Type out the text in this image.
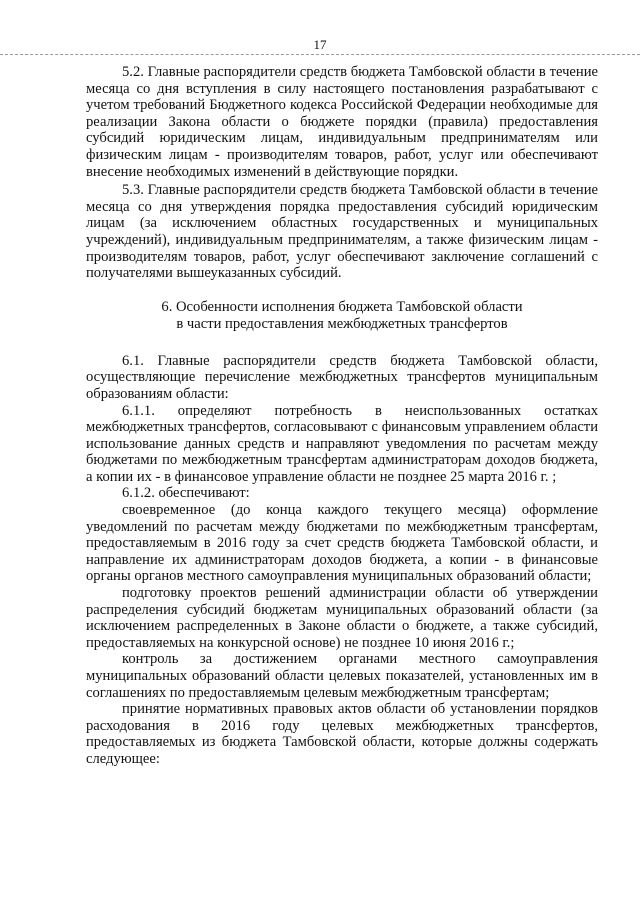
17

5.2. Главные распорядители средств бюджета Тамбовской области в течение месяца со дня вступления в силу настоящего постановления разрабатывают с учетом требований Бюджетного кодекса Российской Федерации необходимые для реализации Закона области о бюджете порядки (правила) предоставления субсидий юридическим лицам, индивидуальным предпринимателям или физическим лицам - производителям товаров, работ, услуг или обеспечивают внесение необходимых изменений в действующие порядки.

5.3. Главные распорядители средств бюджета Тамбовской области в течение месяца со дня утверждения порядка предоставления субсидий юридическим лицам (за исключением областных государственных и муниципальных учреждений), индивидуальным предпринимателям, а также физическим лицам - производителям товаров, работ, услуг обеспечивают заключение соглашений с получателями вышеуказанных субсидий.

6. Особенности исполнения бюджета Тамбовской области
в части предоставления межбюджетных трансфертов

6.1. Главные распорядители средств бюджета Тамбовской области, осуществляющие перечисление межбюджетных трансфертов муниципальным образованиям области:

6.1.1. определяют потребность в неиспользованных остатках межбюджетных трансфертов, согласовывают с финансовым управлением области использование данных средств и направляют уведомления по расчетам между бюджетами по межбюджетным трансфертам администраторам доходов бюджета, а копии их - в финансовое управление области не позднее 25 марта 2016 г. ;

6.1.2. обеспечивают:

своевременное (до конца каждого текущего месяца) оформление уведомлений по расчетам между бюджетами по межбюджетным трансфертам, предоставляемым в 2016 году за счет средств бюджета Тамбовской области, и направление их администраторам доходов бюджета, а копии - в финансовые органы органов местного самоуправления муниципальных образований области;

подготовку проектов решений администрации области об утверждении распределения субсидий бюджетам муниципальных образований области (за исключением распределенных в Законе области о бюджете, а также субсидий, предоставляемых на конкурсной основе) не позднее 10 июня 2016 г.;

контроль за достижением органами местного самоуправления муниципальных образований области целевых показателей, установленных им в соглашениях по предоставляемым целевым межбюджетным трансфертам;

принятие нормативных правовых актов области об установлении порядков расходования в 2016 году целевых межбюджетных трансфертов, предоставляемых из бюджета Тамбовской области, которые должны содержать следующее:
